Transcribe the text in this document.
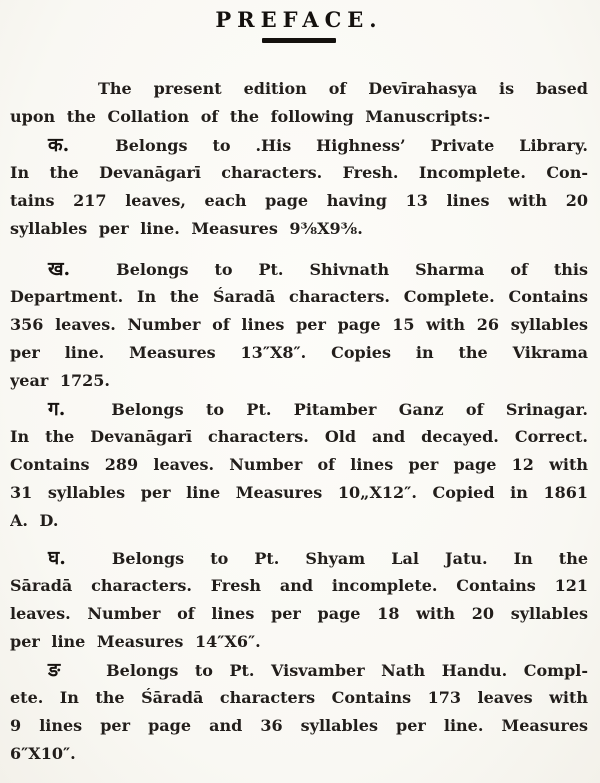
PREFACE.
The present edition of Devīrahasya is based
upon the Collation of the following Manuscripts:-
क.	Belongs to .His Highness’ Private Library.
In the Devanāgarī characters. Fresh. Incomplete. Con-
tains 217 leaves, each page having 13 lines with 20
syllables per line. Measures 9⅜X9⅜.
ख.	Belongs to Pt. Shivnath Sharma of this
Department. In the Śaradā characters. Complete. Contains
356 leaves. Number of lines per page 15 with 26 syllables
per line. Measures 13″X8″. Copies in the Vikrama
year 1725.
ग.	Belongs to Pt. Pitamber Ganz of Srinagar.
In the Devanāgarī characters. Old and decayed. Correct.
Contains 289 leaves. Number of lines per page 12 with
31 syllables per line Measures 10„X12″. Copied in 1861
A. D.
घ.	Belongs to Pt. Shyam Lal Jatu. In the
Sāradā characters. Fresh and incomplete. Contains 121
leaves. Number of lines per page 18 with 20 syllables
per line Measures 14″X6″.
ङ	Belongs to Pt. Visvamber Nath Handu. Compl-
ete. In the Śāradā characters Contains 173 leaves with
9 lines per page and 36 syllables per line. Measures
6″X10″.
